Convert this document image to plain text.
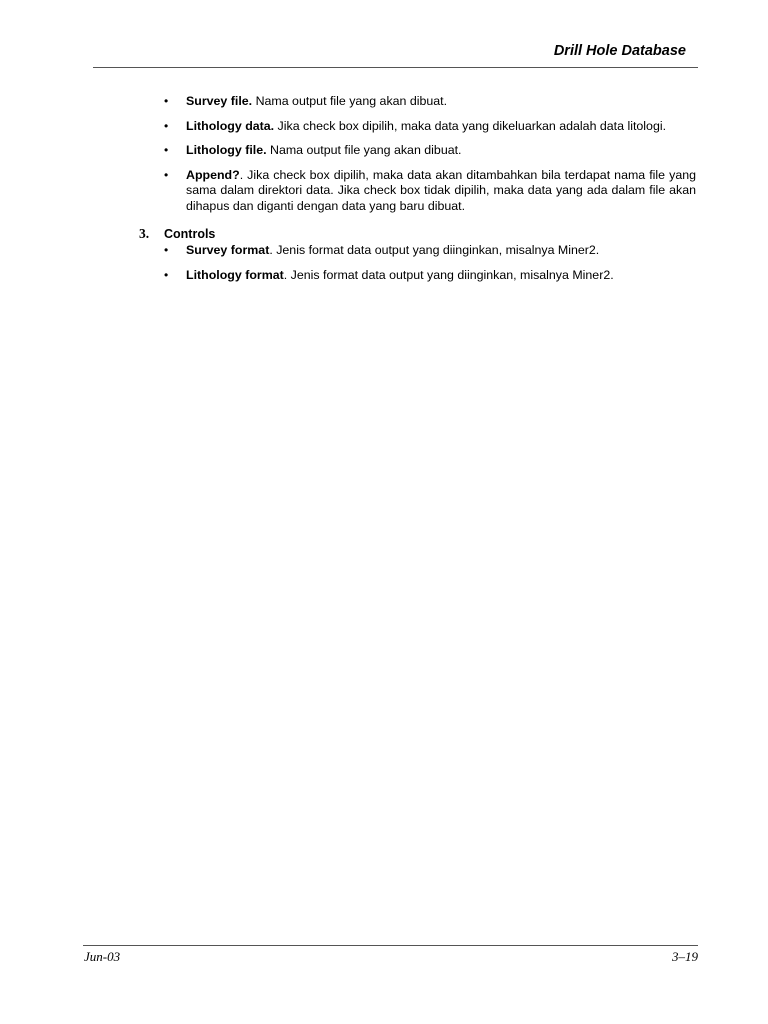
Drill Hole Database
• Survey file. Nama output file yang akan dibuat.
• Lithology data. Jika check box dipilih, maka data yang dikeluarkan adalah data litologi.
• Lithology file. Nama output file yang akan dibuat.
• Append?. Jika check box dipilih, maka data akan ditambahkan bila terdapat nama file yang sama dalam direktori data. Jika check box tidak dipilih, maka data yang ada dalam file akan dihapus dan diganti dengan data yang baru dibuat.
3. Controls
• Survey format. Jenis format data output yang diinginkan, misalnya Miner2.
• Lithology format. Jenis format data output yang diinginkan, misalnya Miner2.
Jun-03	3–19
